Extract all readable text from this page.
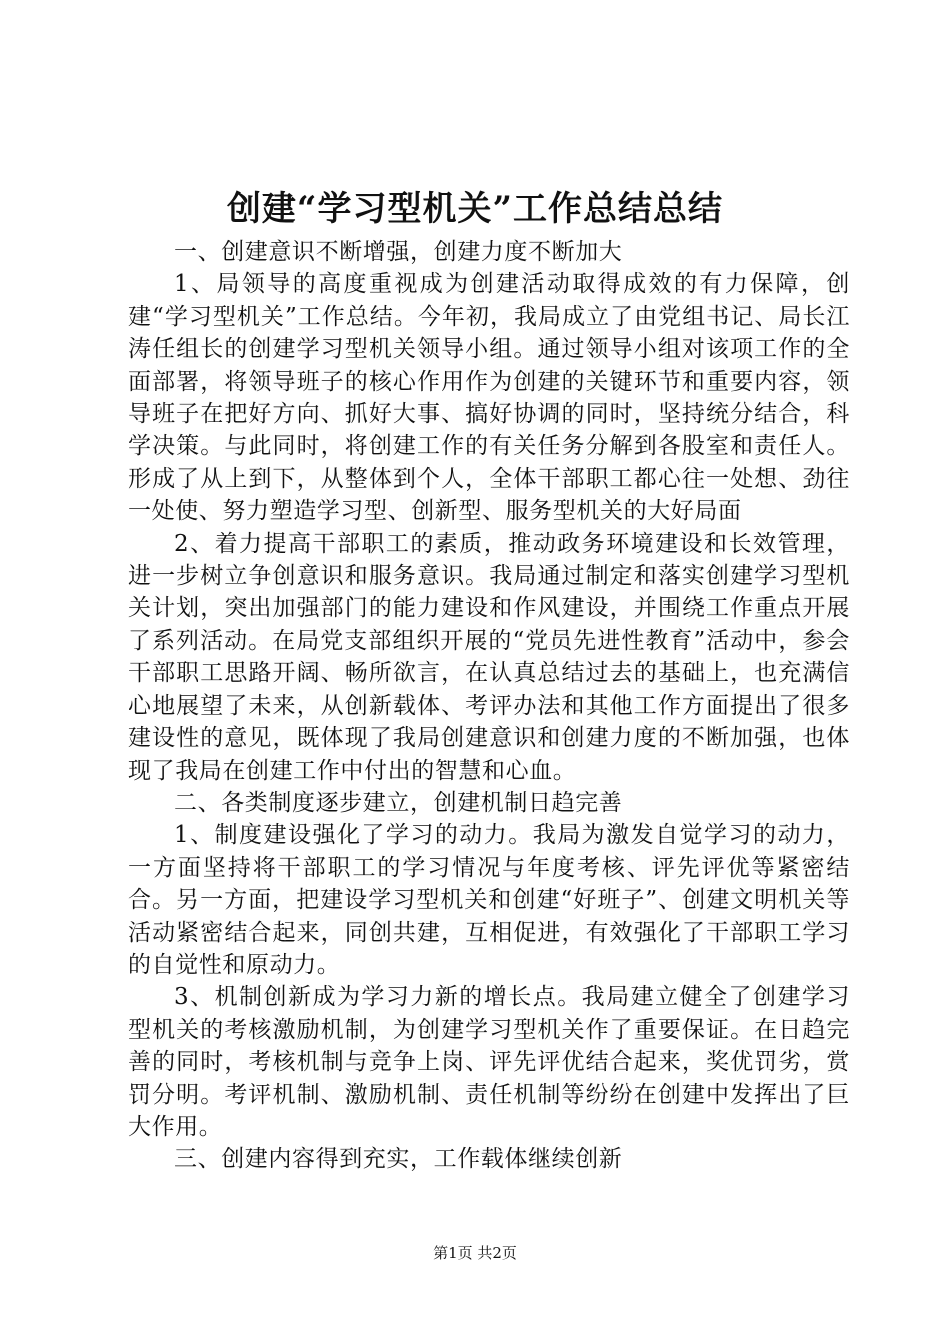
创建“学习型机关”工作总结总结

一、创建意识不断增强，创建力度不断加大

1、局领导的高度重视成为创建活动取得成效的有力保障，创建“学习型机关”工作总结。今年初，我局成立了由党组书记、局长江涛任组长的创建学习型机关领导小组。通过领导小组对该项工作的全面部署，将领导班子的核心作用作为创建的关键环节和重要内容，领导班子在把好方向、抓好大事、搞好协调的同时，坚持统分结合，科学决策。与此同时，将创建工作的有关任务分解到各股室和责任人。形成了从上到下，从整体到个人，全体干部职工都心往一处想、劲往一处使、努力塑造学习型、创新型、服务型机关的大好局面

2、着力提高干部职工的素质，推动政务环境建设和长效管理，进一步树立争创意识和服务意识。我局通过制定和落实创建学习型机关计划，突出加强部门的能力建设和作风建设，并围绕工作重点开展了系列活动。在局党支部组织开展的“党员先进性教育”活动中，参会干部职工思路开阔、畅所欲言，在认真总结过去的基础上，也充满信心地展望了未来，从创新载体、考评办法和其他工作方面提出了很多建设性的意见，既体现了我局创建意识和创建力度的不断加强，也体现了我局在创建工作中付出的智慧和心血。

二、各类制度逐步建立，创建机制日趋完善

1、制度建设强化了学习的动力。我局为激发自觉学习的动力，一方面坚持将干部职工的学习情况与年度考核、评先评优等紧密结合。另一方面，把建设学习型机关和创建“好班子”、创建文明机关等活动紧密结合起来，同创共建，互相促进，有效强化了干部职工学习的自觉性和原动力。

3、机制创新成为学习力新的增长点。我局建立健全了创建学习型机关的考核激励机制，为创建学习型机关作了重要保证。在日趋完善的同时，考核机制与竞争上岗、评先评优结合起来，奖优罚劣，赏罚分明。考评机制、激励机制、责任机制等纷纷在创建中发挥出了巨大作用。

三、创建内容得到充实，工作载体继续创新

第1页 共2页
